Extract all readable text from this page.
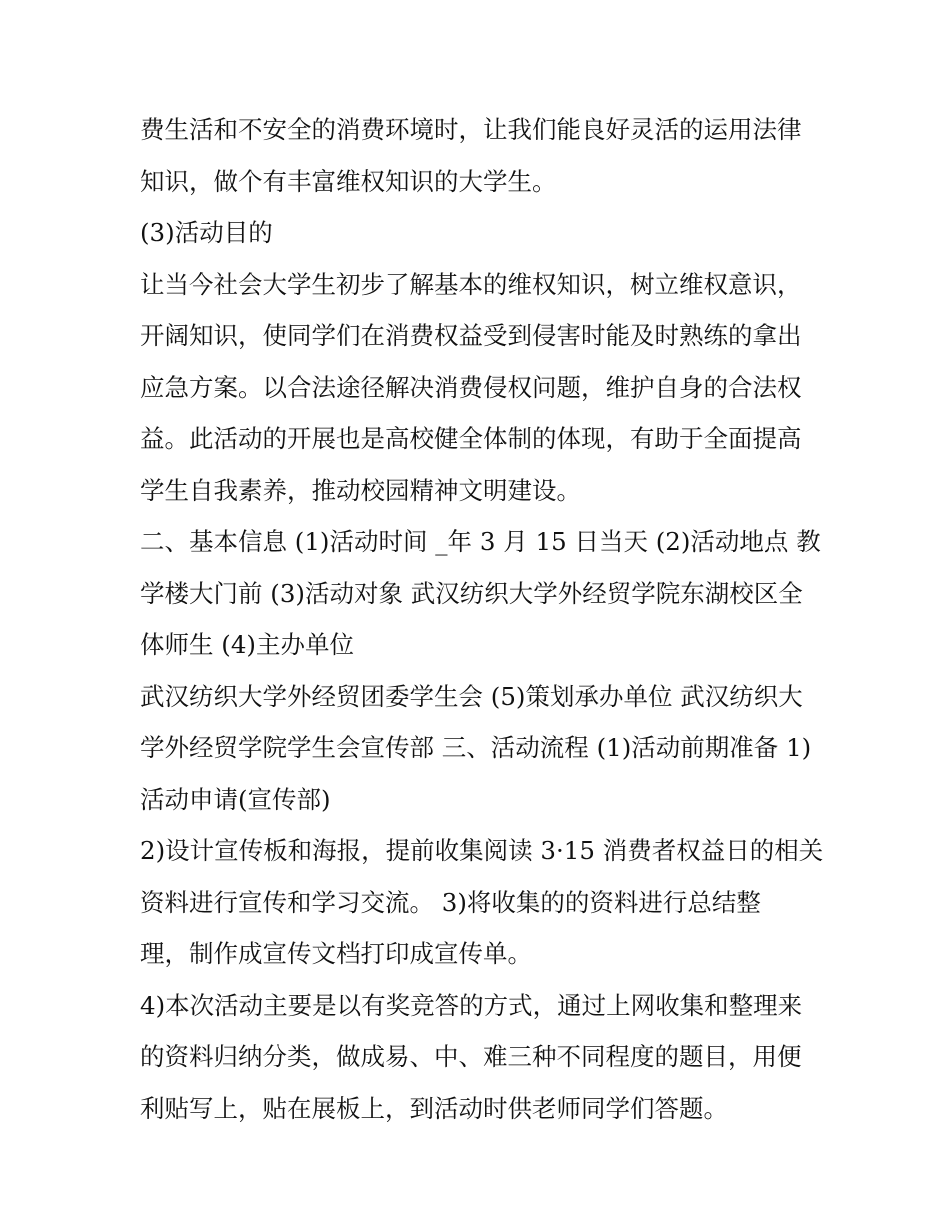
费生活和不安全的消费环境时，让我们能良好灵活的运用法律
知识，做个有丰富维权知识的大学生。
(3)活动目的
让当今社会大学生初步了解基本的维权知识，树立维权意识，
开阔知识，使同学们在消费权益受到侵害时能及时熟练的拿出
应急方案。以合法途径解决消费侵权问题，维护自身的合法权
益。此活动的开展也是高校健全体制的体现，有助于全面提高
学生自我素养，推动校园精神文明建设。
二、基本信息 (1)活动时间 _年 3 月 15 日当天 (2)活动地点 教
学楼大门前 (3)活动对象 武汉纺织大学外经贸学院东湖校区全
体师生 (4)主办单位
武汉纺织大学外经贸团委学生会 (5)策划承办单位 武汉纺织大
学外经贸学院学生会宣传部 三、活动流程 (1)活动前期准备 1)
活动申请(宣传部)
2)设计宣传板和海报，提前收集阅读 3·15 消费者权益日的相关
资料进行宣传和学习交流。 3)将收集的的资料进行总结整
理，制作成宣传文档打印成宣传单。
4)本次活动主要是以有奖竞答的方式，通过上网收集和整理来
的资料归纳分类，做成易、中、难三种不同程度的题目，用便
利贴写上，贴在展板上，到活动时供老师同学们答题。
